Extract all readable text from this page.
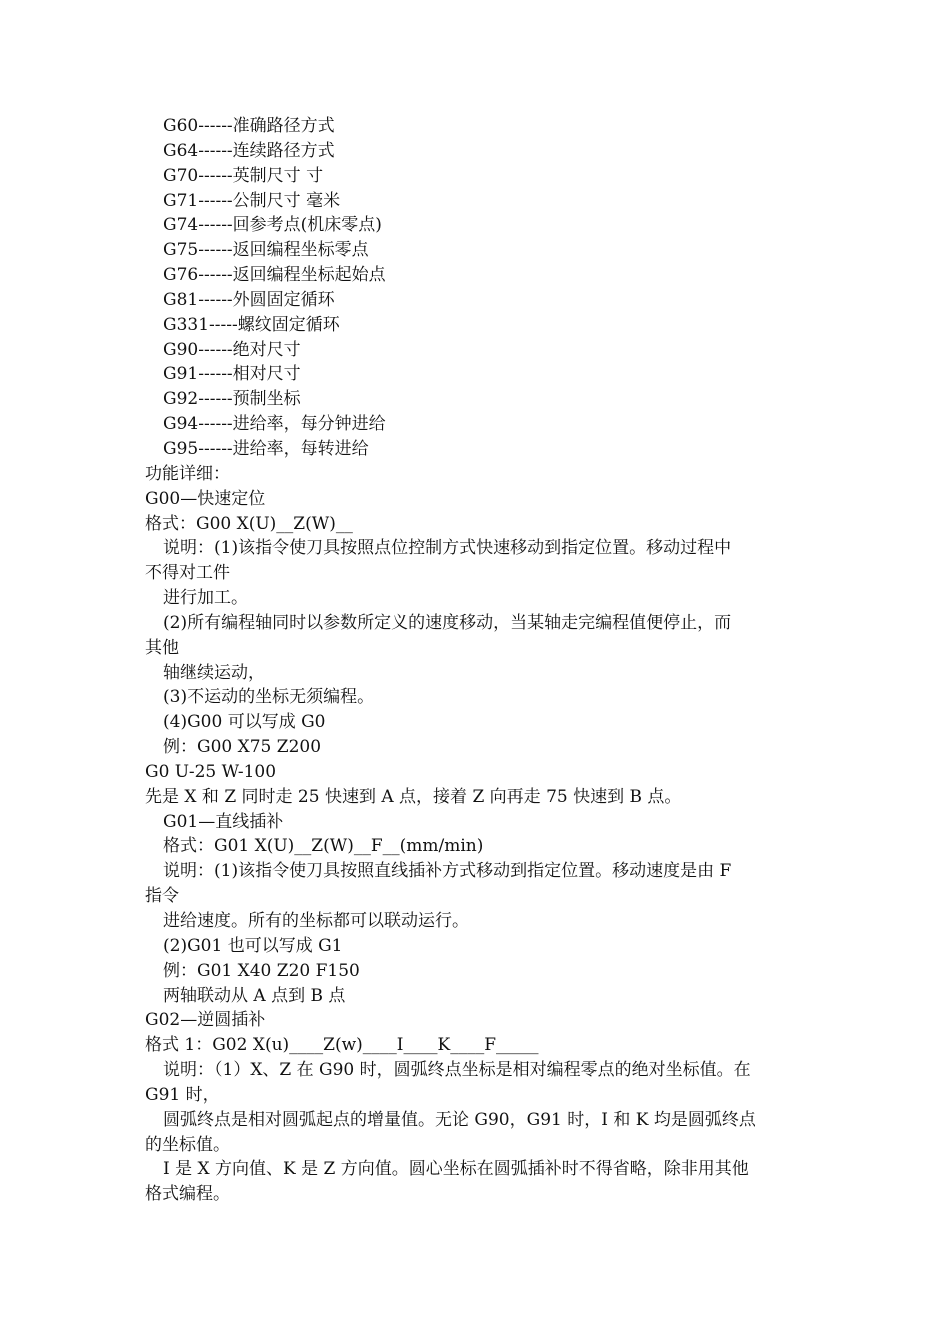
G60------准确路径方式
G64------连续路径方式
G70------英制尺寸 寸
G71------公制尺寸 毫米
G74------回参考点(机床零点)
G75------返回编程坐标零点
G76------返回编程坐标起始点
G81------外圆固定循环
G331-----螺纹固定循环
G90------绝对尺寸
G91------相对尺寸
G92------预制坐标
G94------进给率，每分钟进给
G95------进给率，每转进给
功能详细：
G00—快速定位
格式：G00 X(U)__Z(W)__
说明：(1)该指令使刀具按照点位控制方式快速移动到指定位置。移动过程中
不得对工件
进行加工。
(2)所有编程轴同时以参数所定义的速度移动，当某轴走完编程值便停止，而
其他
轴继续运动，
(3)不运动的坐标无须编程。
(4)G00 可以写成 G0
例：G00 X75 Z200
G0 U-25 W-100
先是 X 和 Z 同时走 25 快速到 A 点，接着 Z 向再走 75 快速到 B 点。
G01—直线插补
格式：G01 X(U)__Z(W)__F__(mm/min)
说明：(1)该指令使刀具按照直线插补方式移动到指定位置。移动速度是由 F
指令
进给速度。所有的坐标都可以联动运行。
(2)G01 也可以写成 G1
例：G01 X40 Z20 F150
两轴联动从 A 点到 B 点
G02—逆圆插补
格式 1：G02 X(u)____Z(w)____I____K____F_____
说明：（1）X、Z 在 G90 时，圆弧终点坐标是相对编程零点的绝对坐标值。在
G91 时，
圆弧终点是相对圆弧起点的增量值。无论 G90，G91 时，I 和 K 均是圆弧终点
的坐标值。
I 是 X 方向值、K 是 Z 方向值。圆心坐标在圆弧插补时不得省略，除非用其他
格式编程。
